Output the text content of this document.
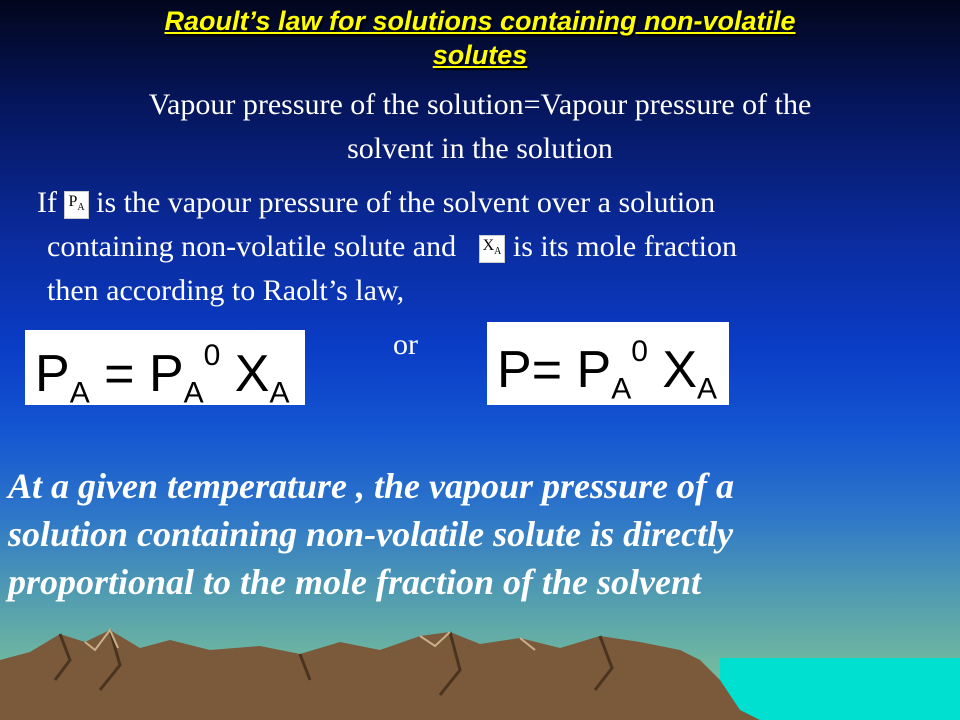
Raoult’s law for solutions containing non-volatile
solutes
Vapour pressure of the solution=Vapour pressure of the
solvent in the solution
If $P_A$ is the vapour pressure of the solvent over a solution
containing non-volatile solute and $X_A$ is its mole fraction
then according to Raolt’s law,
$P_A = P_A^0$ $X_A$
or $P= P_A^0$ $X_A$
At a given temperature , the vapour pressure of a
solution containing non-volatile solute is directly
proportional to the mole fraction of the solvent
